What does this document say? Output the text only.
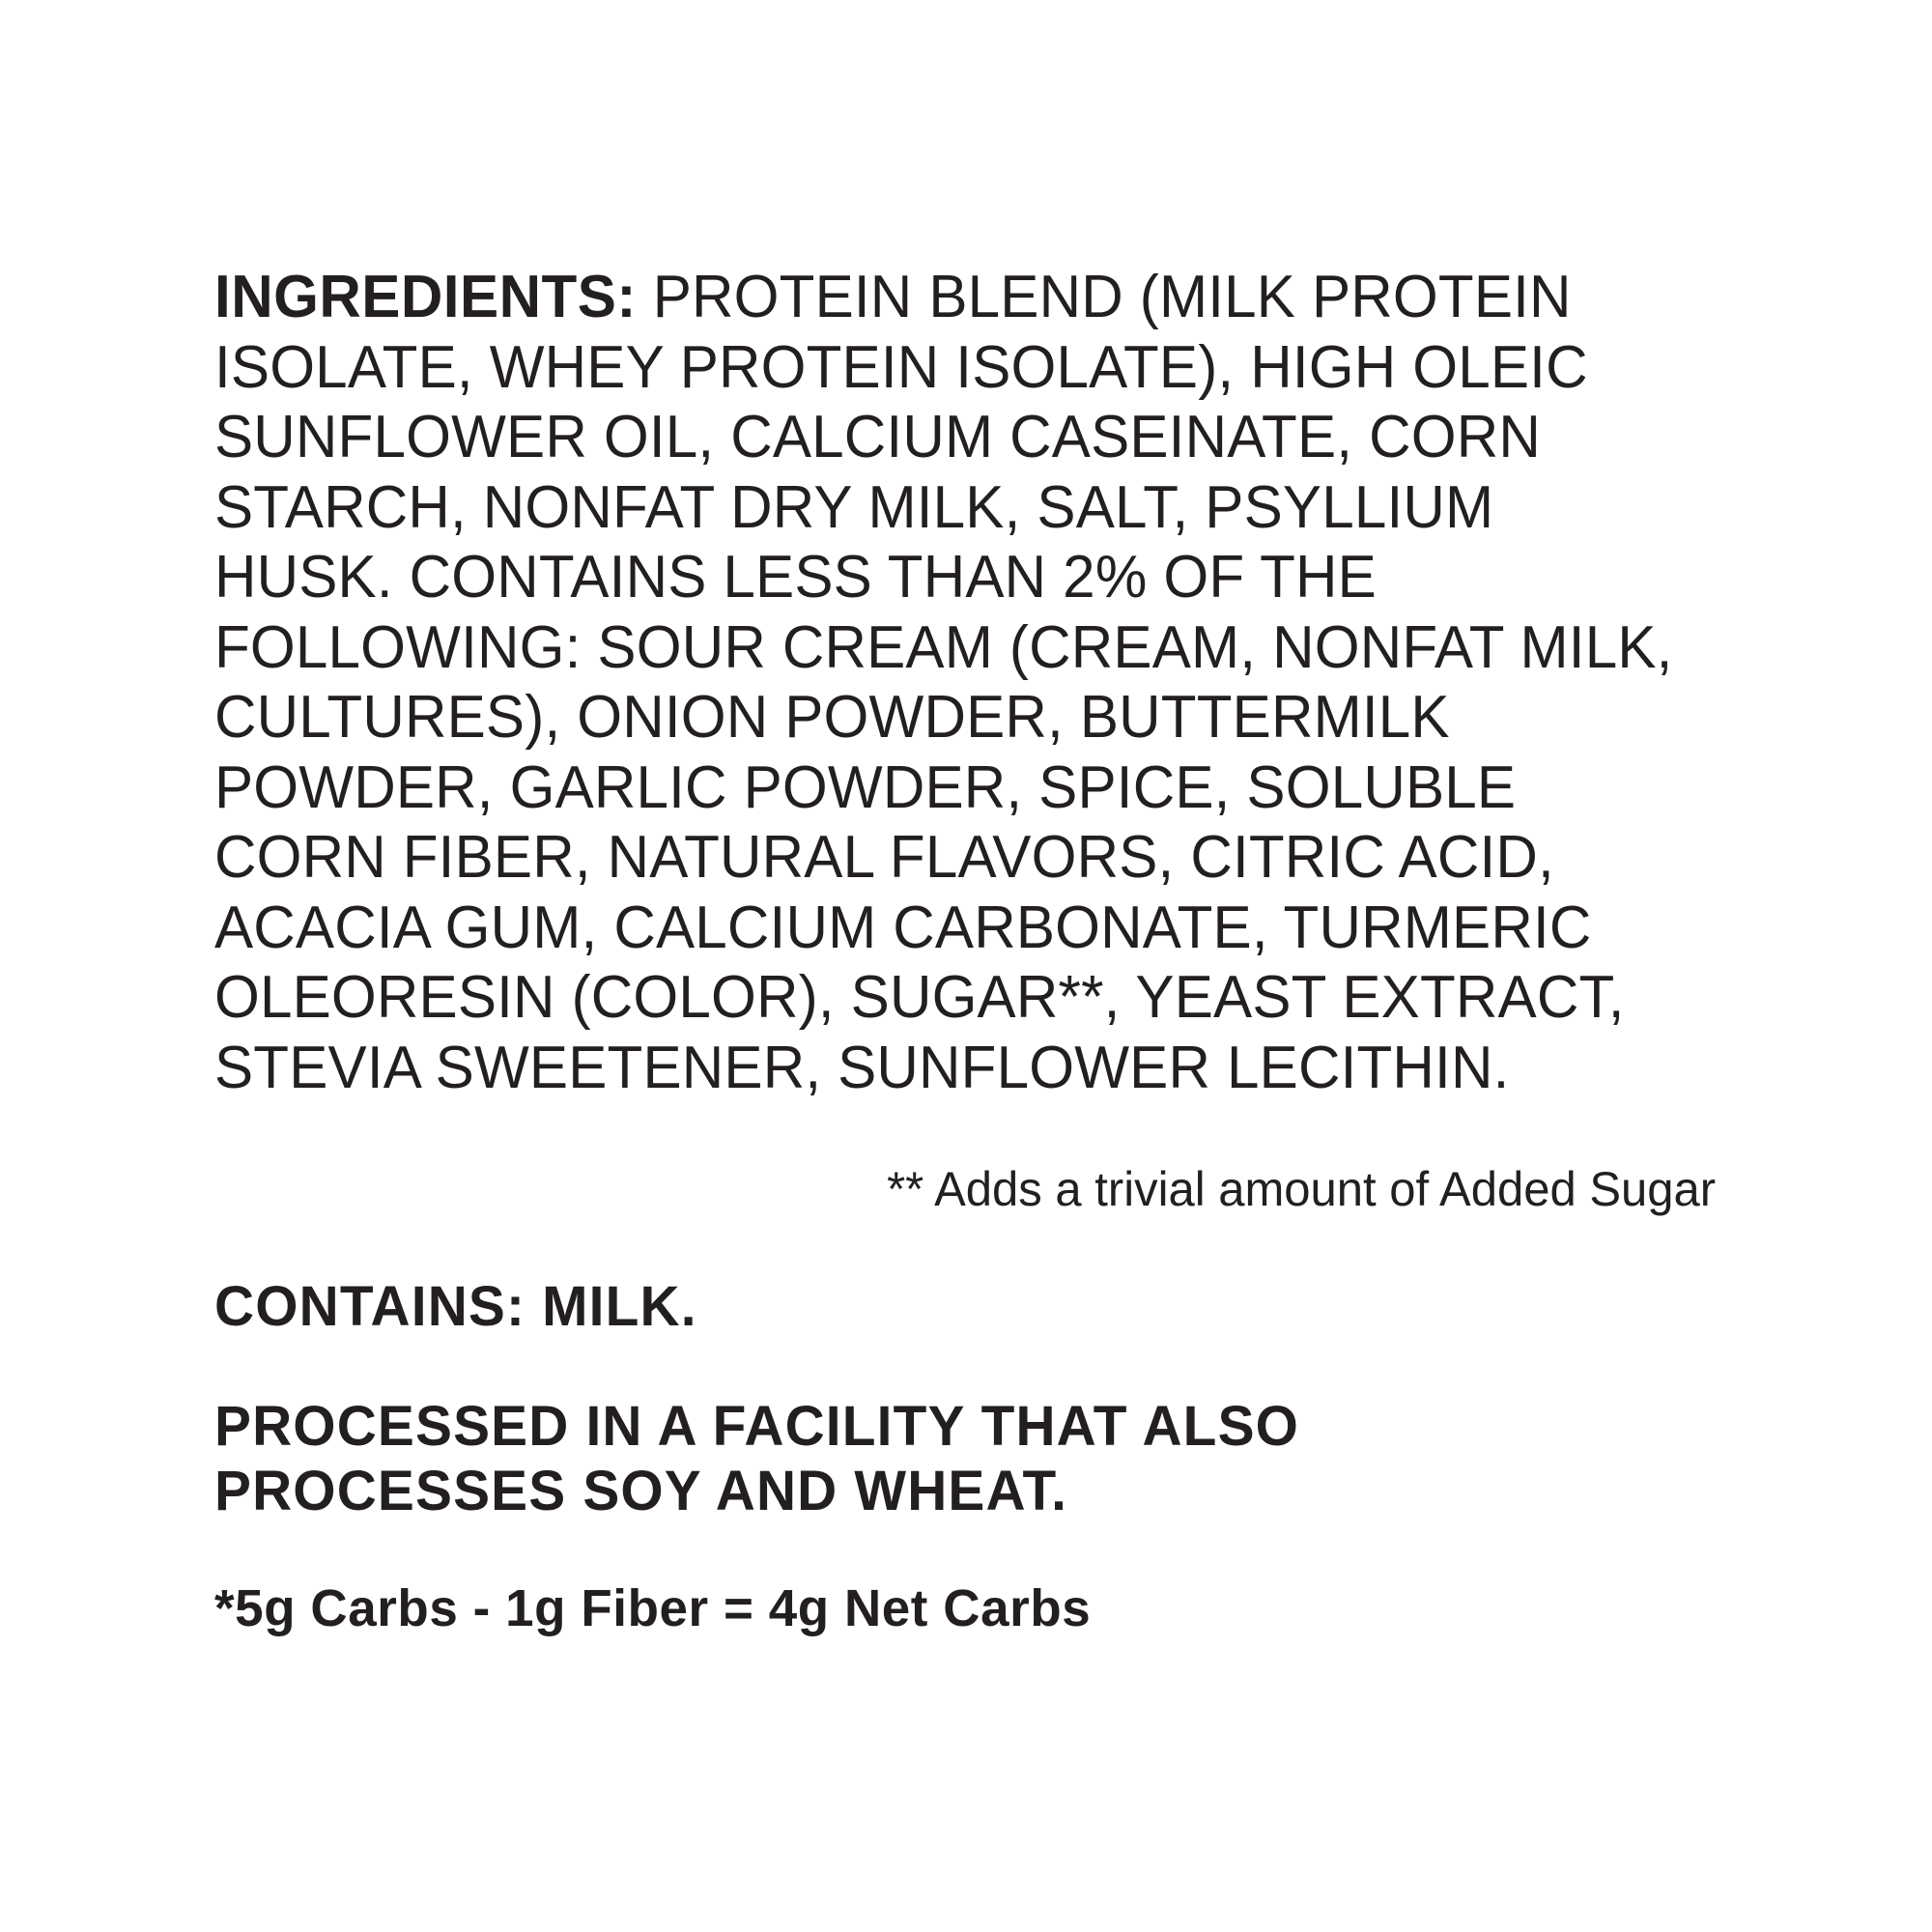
INGREDIENTS: PROTEIN BLEND (MILK PROTEIN ISOLATE, WHEY PROTEIN ISOLATE), HIGH OLEIC SUNFLOWER OIL, CALCIUM CASEINATE, CORN STARCH, NONFAT DRY MILK, SALT, PSYLLIUM HUSK. CONTAINS LESS THAN 2% OF THE FOLLOWING: SOUR CREAM (CREAM, NONFAT MILK, CULTURES), ONION POWDER, BUTTERMILK POWDER, GARLIC POWDER, SPICE, SOLUBLE CORN FIBER, NATURAL FLAVORS, CITRIC ACID, ACACIA GUM, CALCIUM CARBONATE, TURMERIC OLEORESIN (COLOR), SUGAR**, YEAST EXTRACT, STEVIA SWEETENER, SUNFLOWER LECITHIN.

** Adds a trivial amount of Added Sugar

CONTAINS: MILK.

PROCESSED IN A FACILITY THAT ALSO PROCESSES SOY AND WHEAT.

*5g Carbs - 1g Fiber = 4g Net Carbs
